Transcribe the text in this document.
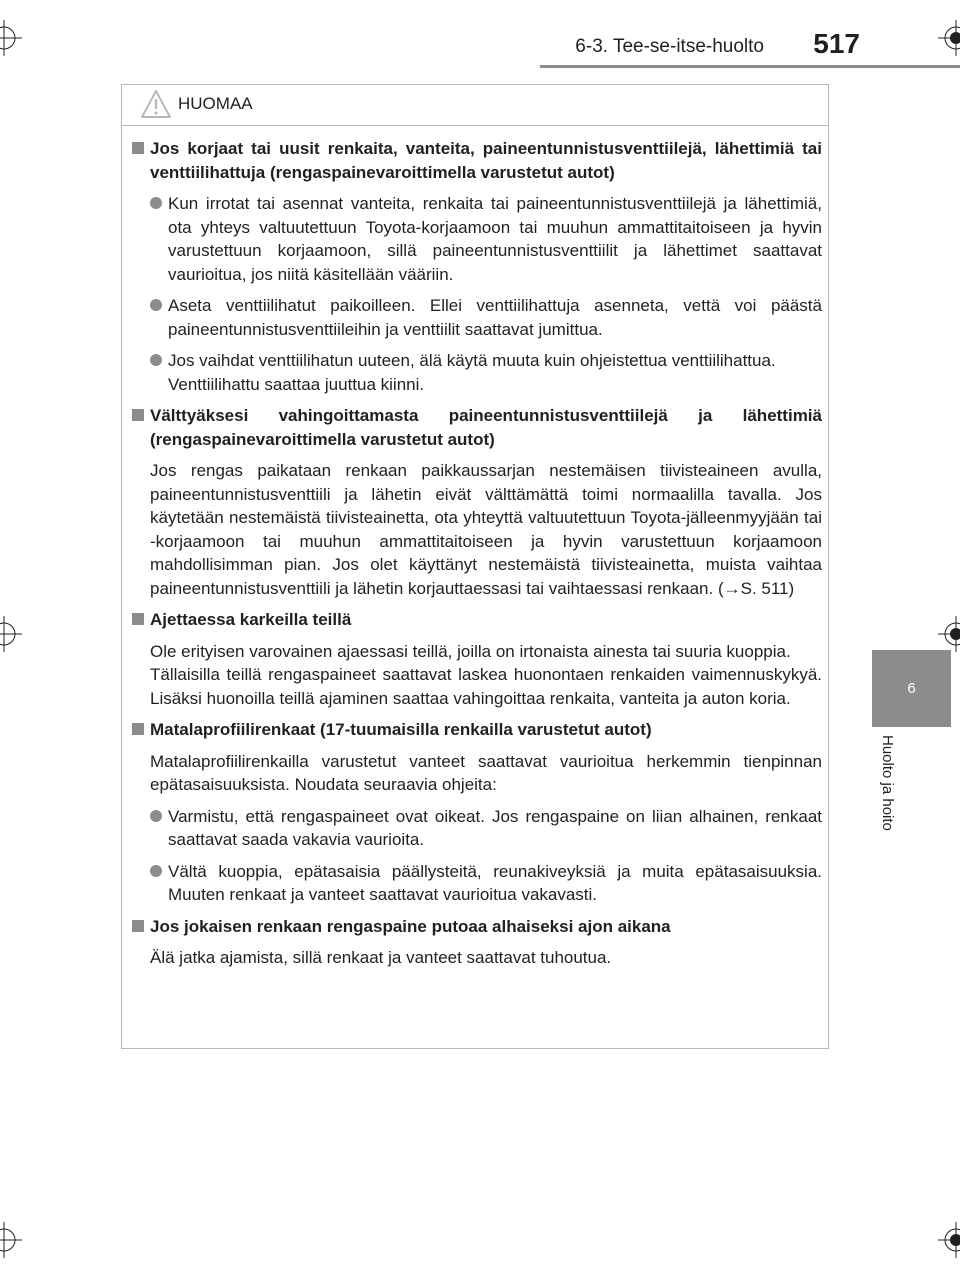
6-3. Tee-se-itse-huolto 517
6
Huolto ja hoito
HUOMAA
Jos korjaat tai uusit renkaita, vanteita, paineentunnistusventtiilejä, lähettimiä tai venttiilihattuja (rengaspainevaroittimella varustetut autot)
Kun irrotat tai asennat vanteita, renkaita tai paineentunnistusventtiilejä ja lähettimiä, ota yhteys valtuutettuun Toyota-korjaamoon tai muuhun ammattitaitoiseen ja hyvin varustettuun korjaamoon, sillä paineentunnistusventtiilit ja lähettimet saattavat vaurioitua, jos niitä käsitellään vääriin.
Aseta venttiilihatut paikoilleen. Ellei venttiilihattuja asenneta, vettä voi päästä paineentunnistusventtiileihin ja venttiilit saattavat jumittua.
Jos vaihdat venttiilihatun uuteen, älä käytä muuta kuin ohjeistettua venttiilihattua.
Venttiilihattu saattaa juuttua kiinni.
Välttyäksesi vahingoittamasta paineentunnistusventtiilejä ja lähettimiä (rengaspainevaroittimella varustetut autot)
Jos rengas paikataan renkaan paikkaussarjan nestemäisen tiivisteaineen avulla, paineentunnistusventtiili ja lähetin eivät välttämättä toimi normaalilla tavalla. Jos käytetään nestemäistä tiivisteainetta, ota yhteyttä valtuutettuun Toyota-jälleenmyyjään tai -korjaamoon tai muuhun ammattitaitoiseen ja hyvin varustettuun korjaamoon mahdollisimman pian. Jos olet käyttänyt nestemäistä tiivisteainetta, muista vaihtaa paineentunnistusventtiili ja lähetin korjauttaessasi tai vaihtaessasi renkaan. (→S. 511)
Ajettaessa karkeilla teillä
Ole erityisen varovainen ajaessasi teillä, joilla on irtonaista ainesta tai suuria kuoppia.
Tällaisilla teillä rengaspaineet saattavat laskea huonontaen renkaiden vaimennuskykyä. Lisäksi huonoilla teillä ajaminen saattaa vahingoittaa renkaita, vanteita ja auton koria.
Matalaprofiilirenkaat (17-tuumaisilla renkailla varustetut autot)
Matalaprofiilirenkailla varustetut vanteet saattavat vaurioitua herkemmin tienpinnan epätasaisuuksista. Noudata seuraavia ohjeita:
Varmistu, että rengaspaineet ovat oikeat. Jos rengaspaine on liian alhainen, renkaat saattavat saada vakavia vaurioita.
Vältä kuoppia, epätasaisia päällysteitä, reunakiveyksiä ja muita epätasaisuuksia. Muuten renkaat ja vanteet saattavat vaurioitua vakavasti.
Jos jokaisen renkaan rengaspaine putoaa alhaiseksi ajon aikana
Älä jatka ajamista, sillä renkaat ja vanteet saattavat tuhoutua.
